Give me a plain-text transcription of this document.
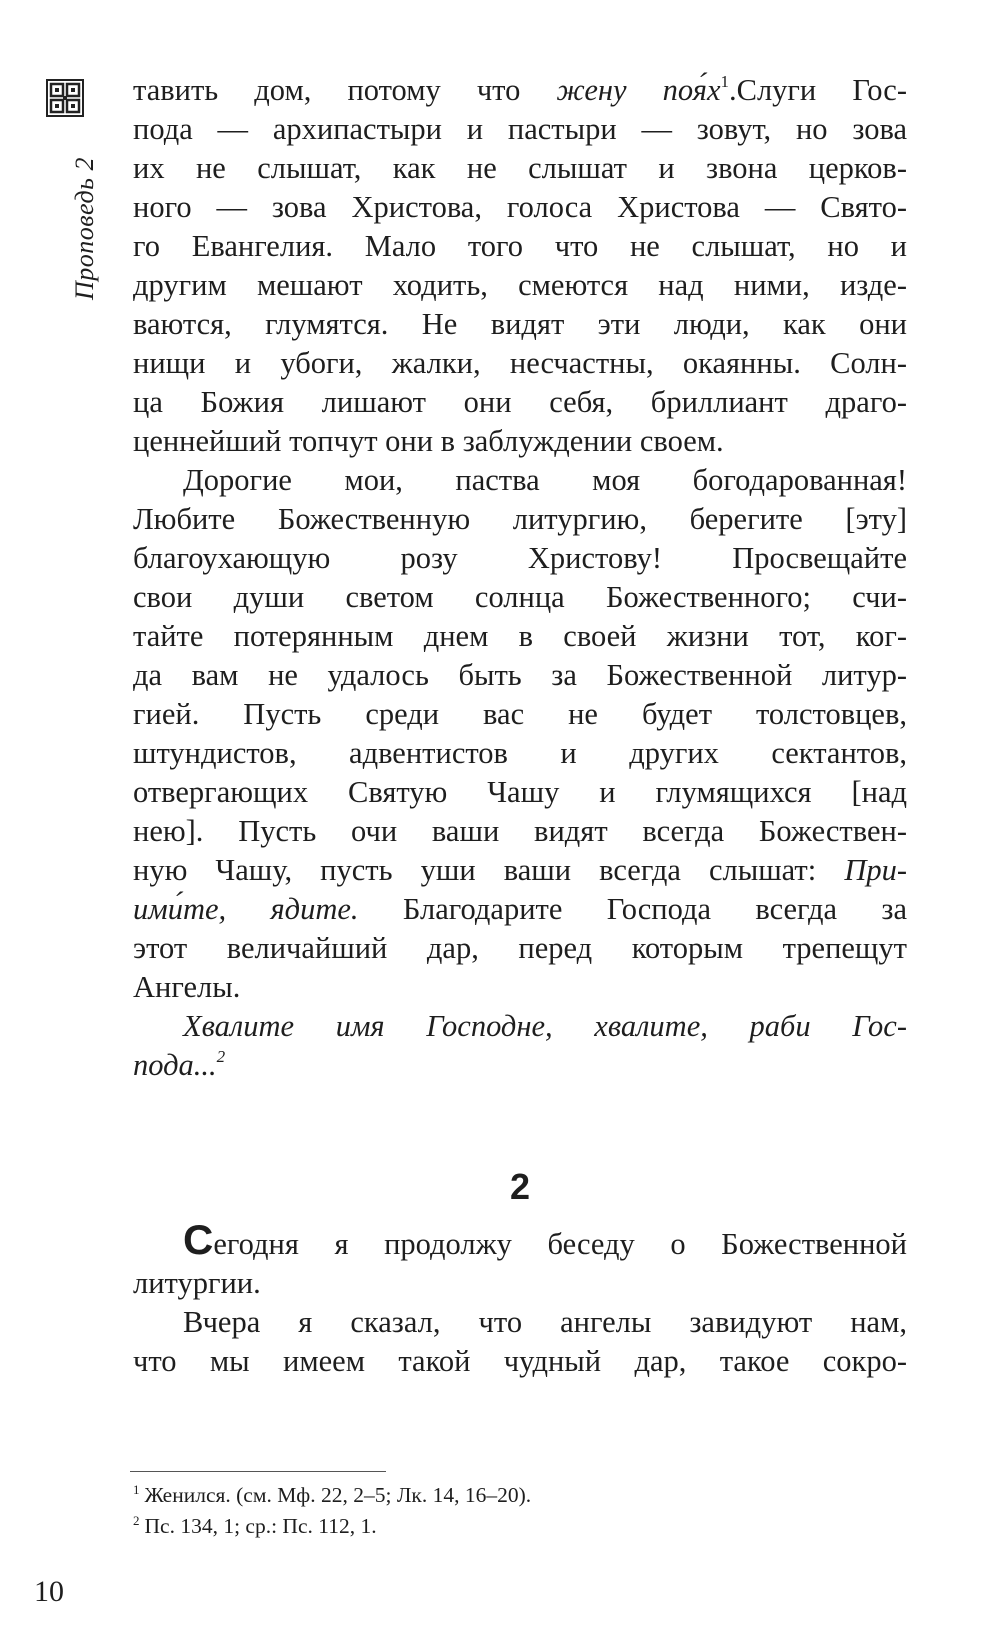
Проповедь 2
10
тавить дом, потому что жену $поя́х^1.Слуги$ Гос-
пода — архипастыри и пастыри — зовут, но зова
их не слышат, как не слышат и звона церков-
ного — зова Христова, голоса Христова — Свято-
го Евангелия. Мало того что не слышат, но и
другим мешают ходить, смеются над ними, изде-
ваются, глумятся. Не видят эти люди, как они
нищи и убоги, жалки, несчастны, окаянны. Солн-
ца Божия лишают они себя, бриллиант драго-
ценнейший топчут они в заблуждении своем.
Дорогие мои, паства моя богодарованная!
Любите Божественную литургию, берегите [эту]
благоухающую розу Христову! Просвещайте
свои души светом солнца Божественного; счи-
тайте потерянным днем в своей жизни тот, ког-
да вам не удалось быть за Божественной литур-
гией. Пусть среди вас не будет толстовцев,
штундистов, адвентистов и других сектантов,
отвергающих Святую Чашу и глумящихся [над
нею]. Пусть очи ваши видят всегда Божествен-
ную Чашу, пусть уши ваши всегда слышат: При-
ими́те, ядите. Благодарите Господа всегда за
этот величайший дар, перед которым трепещут
Ангелы.
Хвалите имя Господне, хвалите, раби Гос-
пода...$^2$
2
Сегодня я продолжу беседу о Божественной
литургии.
Вчера я сказал, что ангелы завидуют нам,
что мы имеем такой чудный дар, такое сокро-
$^1$ Женился. (см. Мф. 22, 2–5; Лк. 14, 16–20).
$^2$ Пс. 134, 1; ср.: Пс. 112, 1.
